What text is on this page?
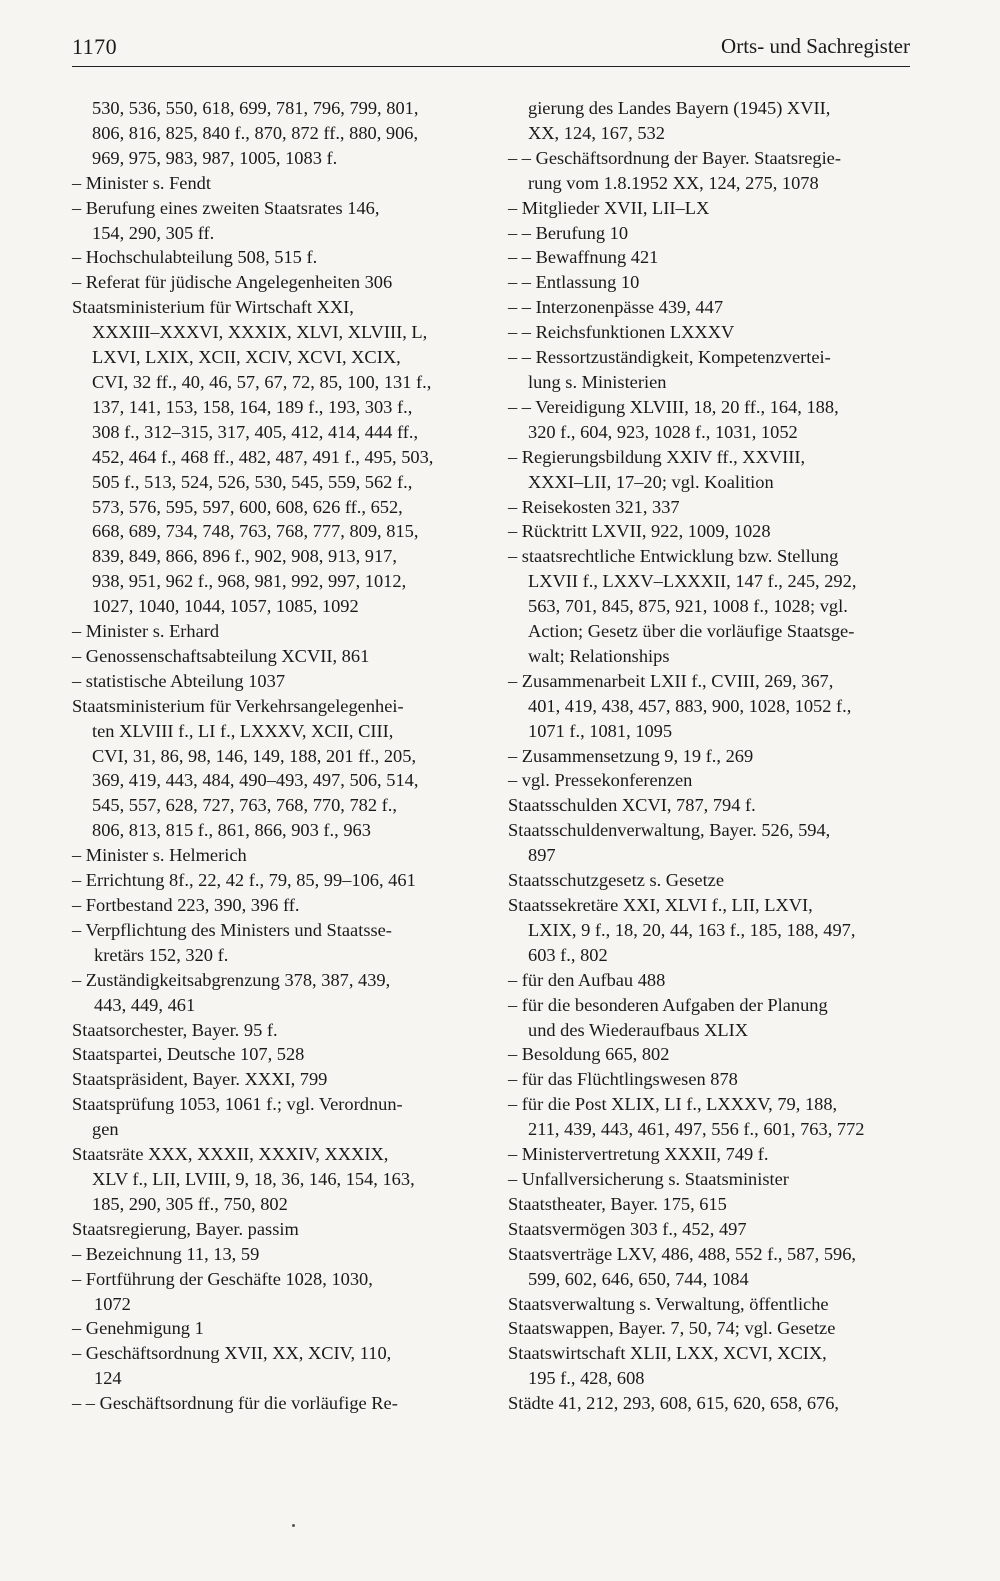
1170	Orts- und Sachregister
530, 536, 550, 618, 699, 781, 796, 799, 801,
806, 816, 825, 840 f., 870, 872 ff., 880, 906,
969, 975, 983, 987, 1005, 1083 f.
– Minister s. Fendt
– Berufung eines zweiten Staatsrates 146,
154, 290, 305 ff.
– Hochschulabteilung 508, 515 f.
– Referat für jüdische Angelegenheiten 306
Staatsministerium für Wirtschaft XXI,
XXXIII–XXXVI, XXXIX, XLVI, XLVIII, L,
LXVI, LXIX, XCII, XCIV, XCVI, XCIX,
CVI, 32 ff., 40, 46, 57, 67, 72, 85, 100, 131 f.,
137, 141, 153, 158, 164, 189 f., 193, 303 f.,
308 f., 312–315, 317, 405, 412, 414, 444 ff.,
452, 464 f., 468 ff., 482, 487, 491 f., 495, 503,
505 f., 513, 524, 526, 530, 545, 559, 562 f.,
573, 576, 595, 597, 600, 608, 626 ff., 652,
668, 689, 734, 748, 763, 768, 777, 809, 815,
839, 849, 866, 896 f., 902, 908, 913, 917,
938, 951, 962 f., 968, 981, 992, 997, 1012,
1027, 1040, 1044, 1057, 1085, 1092
– Minister s. Erhard
– Genossenschaftsabteilung XCVII, 861
– statistische Abteilung 1037
Staatsministerium für Verkehrsangelegenhei-
ten XLVIII f., LI f., LXXXV, XCII, CIII,
CVI, 31, 86, 98, 146, 149, 188, 201 ff., 205,
369, 419, 443, 484, 490–493, 497, 506, 514,
545, 557, 628, 727, 763, 768, 770, 782 f.,
806, 813, 815 f., 861, 866, 903 f., 963
– Minister s. Helmerich
– Errichtung 8f., 22, 42 f., 79, 85, 99–106, 461
– Fortbestand 223, 390, 396 ff.
– Verpflichtung des Ministers und Staatsse-
kretärs 152, 320 f.
– Zuständigkeitsabgrenzung 378, 387, 439,
443, 449, 461
Staatsorchester, Bayer. 95 f.
Staatspartei, Deutsche 107, 528
Staatspräsident, Bayer. XXXI, 799
Staatsprüfung 1053, 1061 f.; vgl. Verordnun-
gen
Staatsräte XXX, XXXII, XXXIV, XXXIX,
XLV f., LII, LVIII, 9, 18, 36, 146, 154, 163,
185, 290, 305 ff., 750, 802
Staatsregierung, Bayer. passim
– Bezeichnung 11, 13, 59
– Fortführung der Geschäfte 1028, 1030,
1072
– Genehmigung 1
– Geschäftsordnung XVII, XX, XCIV, 110,
124
– – Geschäftsordnung für die vorläufige Re-
gierung des Landes Bayern (1945) XVII,
XX, 124, 167, 532
– – Geschäftsordnung der Bayer. Staatsregie-
rung vom 1.8.1952 XX, 124, 275, 1078
– Mitglieder XVII, LII–LX
– – Berufung 10
– – Bewaffnung 421
– – Entlassung 10
– – Interzonenpässe 439, 447
– – Reichsfunktionen LXXXV
– – Ressortzuständigkeit, Kompetenzvertei-
lung s. Ministerien
– – Vereidigung XLVIII, 18, 20 ff., 164, 188,
320 f., 604, 923, 1028 f., 1031, 1052
– Regierungsbildung XXIV ff., XXVIII,
XXXI–LII, 17–20; vgl. Koalition
– Reisekosten 321, 337
– Rücktritt LXVII, 922, 1009, 1028
– staatsrechtliche Entwicklung bzw. Stellung
LXVII f., LXXV–LXXXII, 147 f., 245, 292,
563, 701, 845, 875, 921, 1008 f., 1028; vgl.
Action; Gesetz über die vorläufige Staatsge-
walt; Relationships
– Zusammenarbeit LXII f., CVIII, 269, 367,
401, 419, 438, 457, 883, 900, 1028, 1052 f.,
1071 f., 1081, 1095
– Zusammensetzung 9, 19 f., 269
– vgl. Pressekonferenzen
Staatsschulden XCVI, 787, 794 f.
Staatsschuldenverwaltung, Bayer. 526, 594,
897
Staatsschutzgesetz s. Gesetze
Staatssekretäre XXI, XLVI f., LII, LXVI,
LXIX, 9 f., 18, 20, 44, 163 f., 185, 188, 497,
603 f., 802
– für den Aufbau 488
– für die besonderen Aufgaben der Planung
und des Wiederaufbaus XLIX
– Besoldung 665, 802
– für das Flüchtlingswesen 878
– für die Post XLIX, LI f., LXXXV, 79, 188,
211, 439, 443, 461, 497, 556 f., 601, 763, 772
– Ministervertretung XXXII, 749 f.
– Unfallversicherung s. Staatsminister
Staatstheater, Bayer. 175, 615
Staatsvermögen 303 f., 452, 497
Staatsverträge LXV, 486, 488, 552 f., 587, 596,
599, 602, 646, 650, 744, 1084
Staatsverwaltung s. Verwaltung, öffentliche
Staatswappen, Bayer. 7, 50, 74; vgl. Gesetze
Staatswirtschaft XLII, LXX, XCVI, XCIX,
195 f., 428, 608
Städte 41, 212, 293, 608, 615, 620, 658, 676,
